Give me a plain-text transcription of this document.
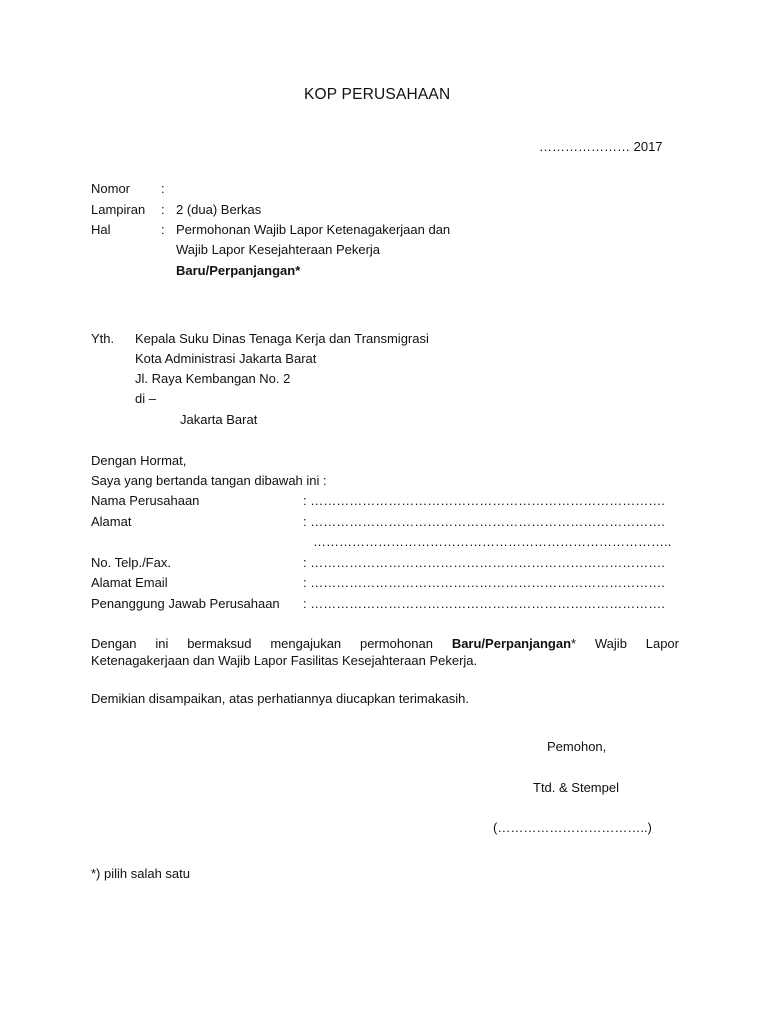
KOP PERUSAHAAN
………………… 2017
Nomor :
Lampiran : 2 (dua) Berkas
Hal	: Permohonan Wajib Lapor Ketenagakerjaan dan
Wajib Lapor Kesejahteraan Pekerja
Baru/Perpanjangan*
Yth. Kepala Suku Dinas Tenaga Kerja dan Transmigrasi
Kota Administrasi Jakarta Barat
Jl. Raya Kembangan No. 2
di –
Jakarta Barat
Dengan Hormat,
Saya yang bertanda tangan dibawah ini :
Nama Perusahaan	: ……………………………………………………………………….
Alamat	: ……………………………………………………………………….
………………………………………………………………………..
No. Telp./Fax.	: ……………………………………………………………………….
Alamat Email	: ……………………………………………………………………….
Penanggung Jawab Perusahaan : ……………………………………………………………………….
Dengan ini bermaksud mengajukan permohonan Baru/Perpanjangan* Wajib Lapor
Ketenagakerjaan dan Wajib Lapor Fasilitas Kesejahteraan Pekerja.
Demikian disampaikan, atas perhatiannya diucapkan terimakasih.
Pemohon,
Ttd. & Stempel
(……………………………..)
*) pilih salah satu
